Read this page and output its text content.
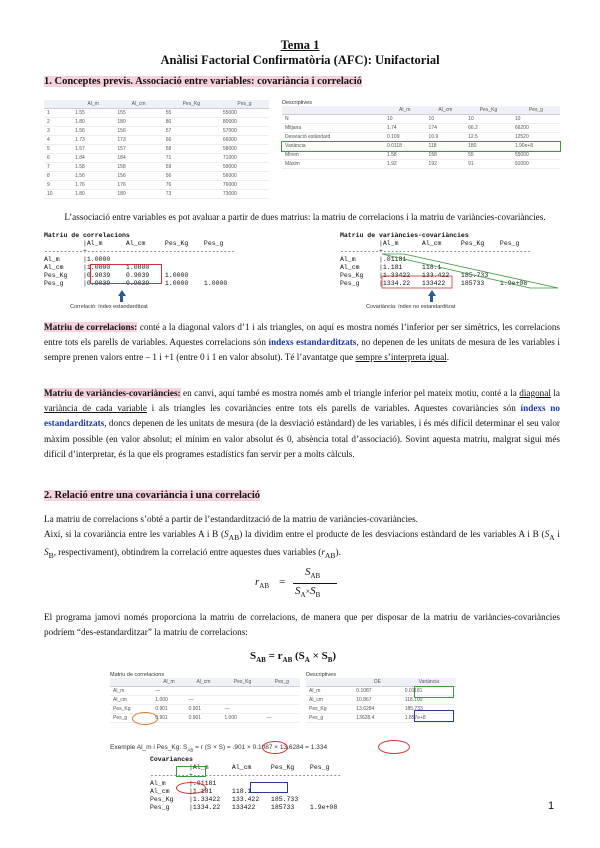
Tema 1
Anàlisi Factorial Confirmatòria (AFC): Unifactorial
1. Conceptes previs. Associació entre variables: covariància i correlació
	Al_m	Al_cm	Pes_Kg	Pes_g
1	1.55	155	55	55000
2	1.80	180	80	80000
3	1.56	156	57	57000
4	1.73	173	66	66000
5	1.57	157	58	58000
6	1.84	184	71	71000
7	1.58	158	59	59000
8	1.56	156	56	56000
9	1.76	176	76	76000
10	1.80	180	73	73000
Descriptives
	Al_m	Al_cm	Pes_Kg	Pes_g
N	10	10	10	10
Mitjana	1.74	174	66.2	66200
Desviació estàndard	0.109	10.9	12.5	12520
Variància	0.0118	118	180	1.90e+8
Mínim	1.58	158	55	55000
Màxim	1.92	192	91	91000
L’associació entre variables es pot avaluar a partir de dues matrius: la matriu de correlacions i la matriu de variàncies-covariàncies.
Matriu de correlacions
|Al_m      Al_cm     Pes_Kg    Pes_g
----------+--------------------------------------
Al_m      |1.0000
Al_cm     |1.0000    1.0000
Pes_Kg    |0.9039    0.9039    1.0000
Pes_g     |0.9039    0.9039    1.0000    1.0000

Correlació: índex estandarditzat
Matriu de variàncies-covariàncies
|Al_m      Al_cm     Pes_Kg    Pes_g
----------+--------------------------------------
Al_m      |.01181
Al_cm     |1.181     118.1
Pes_Kg    |1.33422   133.422   185.733
Pes_g     |1334.22   133422    185733    1.9e+08

Covariància: índex no estandarditzat
Matriu de correlacions: conté a la diagonal valors d’1 i als triangles, on aquí es mostra només l’inferior per ser simètrics, les correlacions entre tots els parells de variables. Aquestes correlacions són índexs estandarditzats, no depenen de les unitats de mesura de les variables i sempre prenen valors entre – 1 i +1 (entre 0 i 1 en valor absolut). Té l’avantatge que sempre s’interpreta igual.
Matriu de variàncies-covariàncies: en canvi, aquí també es mostra només amb el triangle inferior pel mateix motiu, conté a la diagonal la variància de cada variable i als triangles les covariàncies entre tots els parells de variables. Aquestes covariàncies són índexs no estandarditzats, doncs depenen de les unitats de mesura (de la desviació estàndard) de les variables, i és més difícil determinar el seu valor màxim possible (en valor absolut; el mínim en valor absolut és 0, absència total d’associació). Sovint aquesta matriu, malgrat sigui més difícil d’interpretar, és la que els programes estadístics fan servir per a molts càlculs.
2. Relació entre una covariància i una correlació
La matriu de correlacions s’obté a partir de l’estandardització de la matriu de variàncies-covariàncies.
Així, si la covariància entre les variables A i B $(S_{AB})$ la dividim entre el producte de les desviacions estàndard de les variables A i B ($S_A$ i $S_B$, respectivament), obtindrem la correlació entre aquestes dues variables $(r_{AB})$.
$r_{AB}$ =
$S_{AB}$
$S_A\times S_B$
El programa jamovi només proporciona la matriu de correlacions, de manera que per disposar de la matriu de variàncies-covariàncies podríem “des-estandarditzar” la matriu de correlacions:
$S_{AB} = r_{AB}$ $(S_A \times S_B)$
Matriu de correlacions
	Al_m	Al_cm	Pes_Kg	Pes_g
Al_m	—			
Al_cm	1.000	—		
Pes_Kg	0.901	0.901	—	
Pes_g	0.901	0.901	1.000	—
Descriptives
	DE	Variància
Al_m	0.1087	0.01181
Al_cm	10.867	118.100
Pes_Kg	13.6284	185.733
Pes_g	13628.4	1.857e+8
Exemple Al_m i Pes_Kg: $S_{AB} = r$ (S × S) = .901 × 0.1087 × 13.6284 = 1.334
Covariances
|Al_m      Al_cm     Pes_Kg    Pes_g
----------+--------------------------------------
Al_m      |.01181
Al_cm     |1.181     118.1
Pes_Kg    |1.33422   133.422   185.733
Pes_g     |1334.22   133422    185733    1.9e+08	1
